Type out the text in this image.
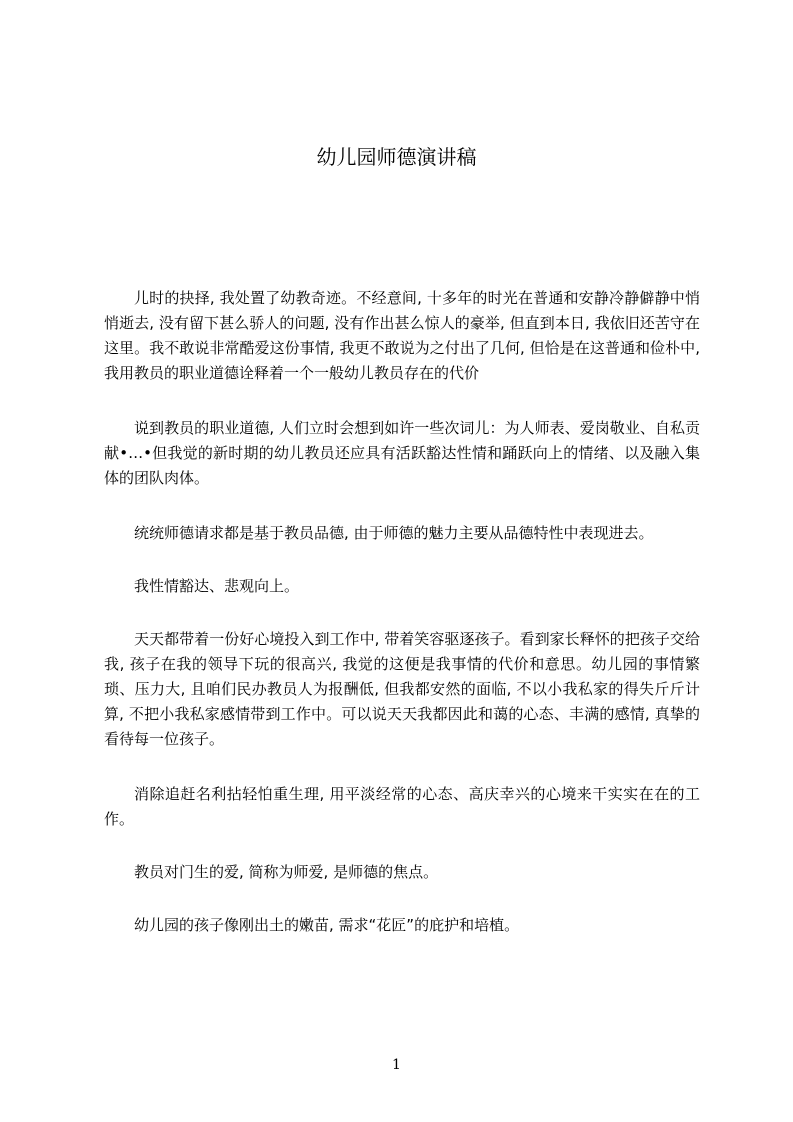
幼儿园师德演讲稿

儿时的抉择, 我处置了幼教奇迹。不经意间, 十多年的时光在普通和安静冷静僻静中悄悄逝去, 没有留下甚么骄人的问题, 没有作出甚么惊人的豪举, 但直到本日, 我依旧还苦守在这里。我不敢说非常酷爱这份事情, 我更不敢说为之付出了几何, 但恰是在这普通和俭朴中, 我用教员的职业道德诠释着一个一般幼儿教员存在的代价

说到教员的职业道德, 人们立时会想到如许一些次词儿：为人师表、爱岗敬业、自私贡献•…•但我觉的新时期的幼儿教员还应具有活跃豁达性情和踊跃向上的情绪、以及融入集体的团队肉体。

统统师德请求都是基于教员品德, 由于师德的魅力主要从品德特性中表现进去。

我性情豁达、悲观向上。

天天都带着一份好心境投入到工作中, 带着笑容驱逐孩子。看到家长释怀的把孩子交给我, 孩子在我的领导下玩的很高兴, 我觉的这便是我事情的代价和意思。幼儿园的事情繁琐、压力大, 且咱们民办教员人为报酬低, 但我都安然的面临, 不以小我私家的得失斤斤计算, 不把小我私家感情带到工作中。可以说天天我都因此和蔼的心态、丰满的感情, 真挚的看待每一位孩子。

消除追赶名利拈轻怕重生理, 用平淡经常的心态、高庆幸兴的心境来干实实在在的工作。

教员对门生的爱, 简称为师爱, 是师德的焦点。

幼儿园的孩子像刚出土的嫩苗, 需求“花匠”的庇护和培植。

1
